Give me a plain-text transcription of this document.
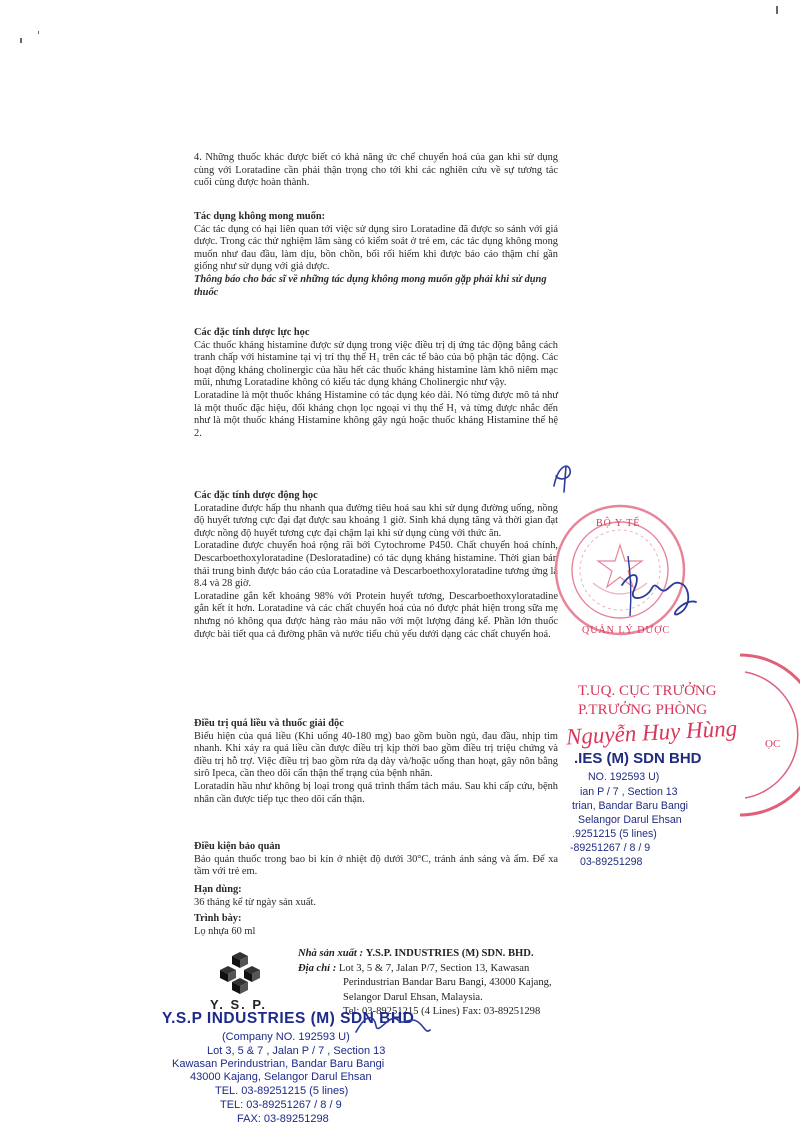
4. Những thuốc khác được biết có khả năng ức chế chuyển hoá của gan khi sử dụng cùng với Loratadine cần phải thận trọng cho tới khi các nghiên cứu về sự tương tác cuối cùng được hoàn thành.

Tác dụng không mong muốn:

Các tác dụng có hại liên quan tới việc sử dụng siro Loratadine đã được so sánh với giả dược. Trong các thử nghiệm lâm sàng có kiểm soát ở trẻ em, các tác dụng không mong muốn như đau đầu, làm dịu, bồn chồn, bối rối hiếm khi được báo cáo thậm chí gần giống như sử dụng với giả dược.

Thông báo cho bác sĩ về những tác dụng không mong muốn gặp phải khi sử dụng thuốc

Các đặc tính dược lực học

Các thuốc kháng histamine được sử dụng trong việc điều trị dị ứng tác động bằng cách tranh chấp với histamine tại vị trí thụ thể H₁ trên các tế bào của bộ phận tác động. Các hoạt động kháng cholinergic của hầu hết các thuốc kháng histamine làm khô niêm mạc mũi, nhưng Loratadine không có kiểu tác dụng kháng Cholinergic như vậy.

Loratadine là một thuốc kháng Histamine có tác dụng kéo dài. Nó từng được mô tả như là một thuốc đặc hiệu, đối kháng chọn lọc ngoại vi thụ thể H₁ và từng được nhắc đến như là một thuốc kháng Histamine không gây ngủ hoặc thuốc kháng Histamine thế hệ 2.

Các đặc tính dược động học

Loratadine được hấp thu nhanh qua đường tiêu hoá sau khi sử dụng đường uống, nồng độ huyết tương cực đại đạt được sau khoảng 1 giờ. Sinh khả dụng tăng và thời gian đạt được nồng độ huyết tương cực đại chậm lại khi sử dụng cùng với thức ăn.

Loratadine được chuyển hoá rộng rãi bởi Cytochrome P450. Chất chuyển hoá chính, Descarboethoxyloratadine (Desloratadine) có tác dụng kháng histamine. Thời gian bán thải trung bình được báo cáo của Loratadine và Descarboethoxyloratadine tương ứng là 8.4 và 28 giờ.

Loratadine gắn kết khoảng 98% với Protein huyết tương, Descarboethoxyloratadine gắn kết ít hơn. Loratadine và các chất chuyển hoá của nó được phát hiện trong sữa mẹ nhưng nó không qua được hàng rào máu não với một lượng đáng kể. Phần lớn thuốc được bài tiết qua cả đường phân và nước tiểu chủ yếu dưới dạng các chất chuyển hoá.

Điều trị quá liều và thuốc giải độc

Biểu hiện của quá liều (Khi uống 40-180 mg) bao gồm buồn ngủ, đau đầu, nhịp tim nhanh. Khi xảy ra quá liều cần được điều trị kịp thời bao gồm điều trị triệu chứng và điều trị hỗ trợ. Việc điều trị bao gồm rửa dạ dày và/hoặc uống than hoạt, gây nôn bằng sirô Ipeca, cần theo dõi cẩn thận thể trạng của bệnh nhân.

Loratadin hầu như không bị loại trong quá trình thẩm tách máu. Sau khi cấp cứu, bệnh nhân cần được tiếp tục theo dõi cẩn thận.

Điều kiện bảo quản

Bảo quản thuốc trong bao bì kín ở nhiệt độ dưới 30°C, tránh ánh sáng và ẩm. Để xa tầm với trẻ em.

Hạn dùng:

36 tháng kể từ ngày sản xuất.

Trình bày:

Lọ nhựa 60 ml

Y. S. P.
Nhà sản xuất : Y.S.P. INDUSTRIES (M) SDN. BHD.
Địa chỉ : Lot 3, 5 & 7, Jalan P/7, Section 13, Kawasan
Perindustrian Bandar Baru Bangi, 43000 Kajang,
Selangor Darul Ehsan, Malaysia.
Tel: 03-89251215 (4 Lines) Fax: 03-89251298
Y.S.P INDUSTRIES (M) SDN BHD
(Company NO. 192593 U)
Lot 3, 5 & 7 , Jalan P / 7 , Section 13
Kawasan Perindustrian, Bandar Baru Bangi
43000 Kajang, Selangor Darul Ehsan
TEL. 03-89251215 (5 lines)
TEL: 03-89251267 / 8 / 9
FAX: 03-89251298
BỘ Y TẾ
QUẢN LÝ DƯỢC
ỌC
T.UQ. CỤC TRƯỞNG
P.TRƯỞNG PHÒNG
Nguyễn Huy Hùng
.IES (M) SDN BHD
NO. 192593 U)
ian P / 7 , Section 13
trian, Bandar Baru Bangi
Selangor Darul Ehsan
.9251215 (5 lines)
-89251267 / 8 / 9
03-89251298
